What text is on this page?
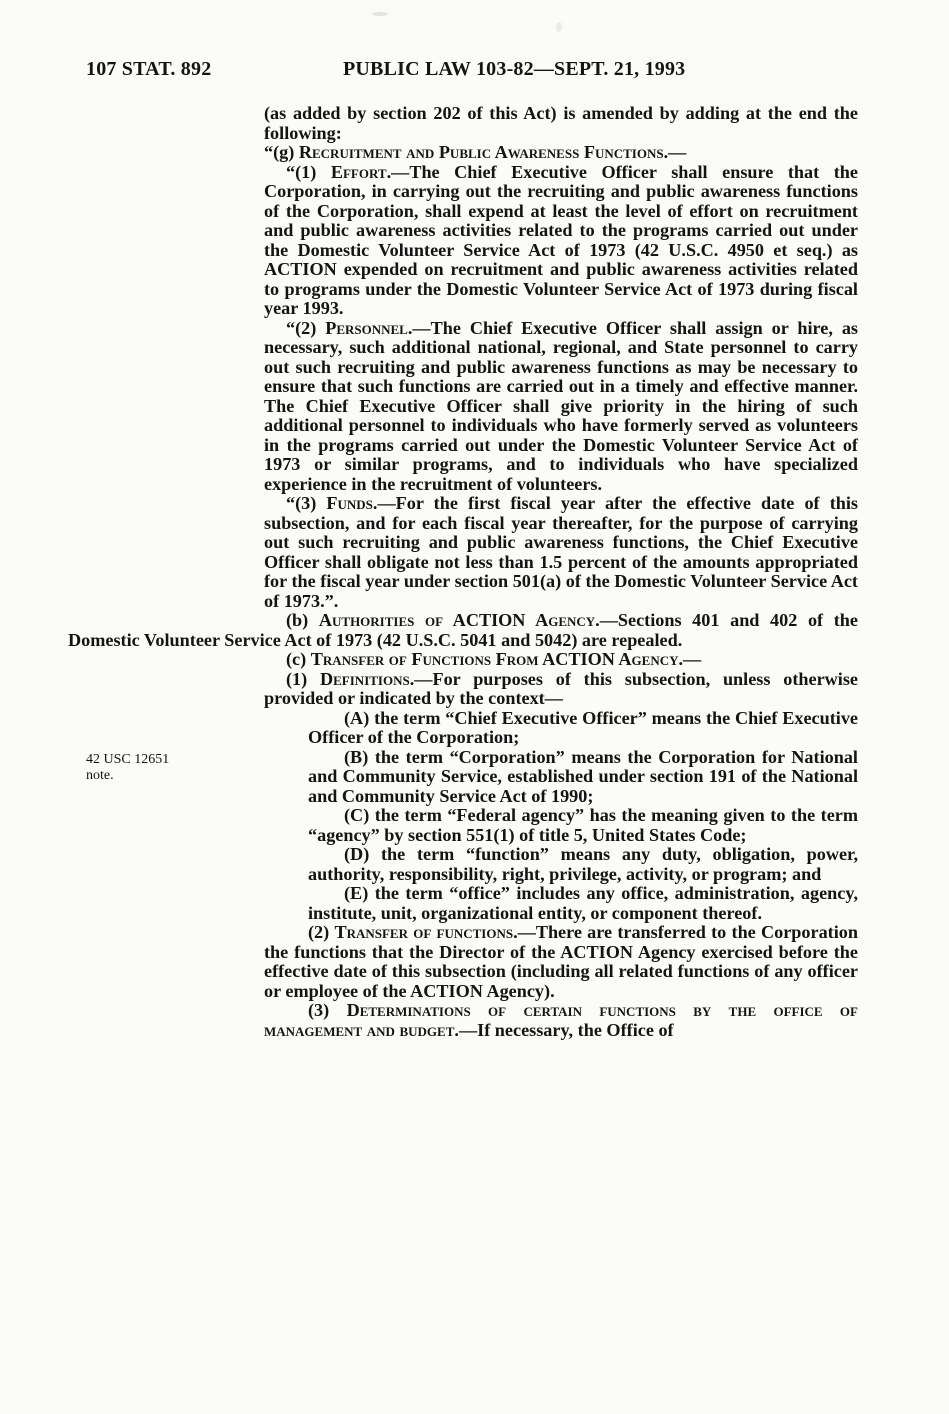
107 STAT. 892	PUBLIC LAW 103-82—SEPT. 21, 1993
42 USC 12651
note.

(as added by section 202 of this Act) is amended by adding at the end the following:

“(g) Recruitment and Public Awareness Functions.—

“(1) Effort.—The Chief Executive Officer shall ensure that the Corporation, in carrying out the recruiting and public awareness functions of the Corporation, shall expend at least the level of effort on recruitment and public awareness activities related to the programs carried out under the Domestic Volunteer Service Act of 1973 (42 U.S.C. 4950 et seq.) as ACTION expended on recruitment and public awareness activities related to programs under the Domestic Volunteer Service Act of 1973 during fiscal year 1993.

“(2) Personnel.—The Chief Executive Officer shall assign or hire, as necessary, such additional national, regional, and State personnel to carry out such recruiting and public awareness functions as may be necessary to ensure that such functions are carried out in a timely and effective manner. The Chief Executive Officer shall give priority in the hiring of such additional personnel to individuals who have formerly served as volunteers in the programs carried out under the Domestic Volunteer Service Act of 1973 or similar programs, and to individuals who have specialized experience in the recruitment of volunteers.

“(3) Funds.—For the first fiscal year after the effective date of this subsection, and for each fiscal year thereafter, for the purpose of carrying out such recruiting and public awareness functions, the Chief Executive Officer shall obligate not less than 1.5 percent of the amounts appropriated for the fiscal year under section 501(a) of the Domestic Volunteer Service Act of 1973.”.

(b) Authorities of ACTION Agency.—Sections 401 and 402 of the Domestic Volunteer Service Act of 1973 (42 U.S.C. 5041 and 5042) are repealed.

(c) Transfer of Functions From ACTION Agency.—

(1) Definitions.—For purposes of this subsection, unless otherwise provided or indicated by the context—

(A) the term “Chief Executive Officer” means the Chief Executive Officer of the Corporation;

(B) the term “Corporation” means the Corporation for National and Community Service, established under section 191 of the National and Community Service Act of 1990;

(C) the term “Federal agency” has the meaning given to the term “agency” by section 551(1) of title 5, United States Code;

(D) the term “function” means any duty, obligation, power, authority, responsibility, right, privilege, activity, or program; and

(E) the term “office” includes any office, administration, agency, institute, unit, organizational entity, or component thereof.

(2) Transfer of functions.—There are transferred to the Corporation the functions that the Director of the ACTION Agency exercised before the effective date of this subsection (including all related functions of any officer or employee of the ACTION Agency).

(3) Determinations of certain functions by the office of management and budget.—If necessary, the Office of
